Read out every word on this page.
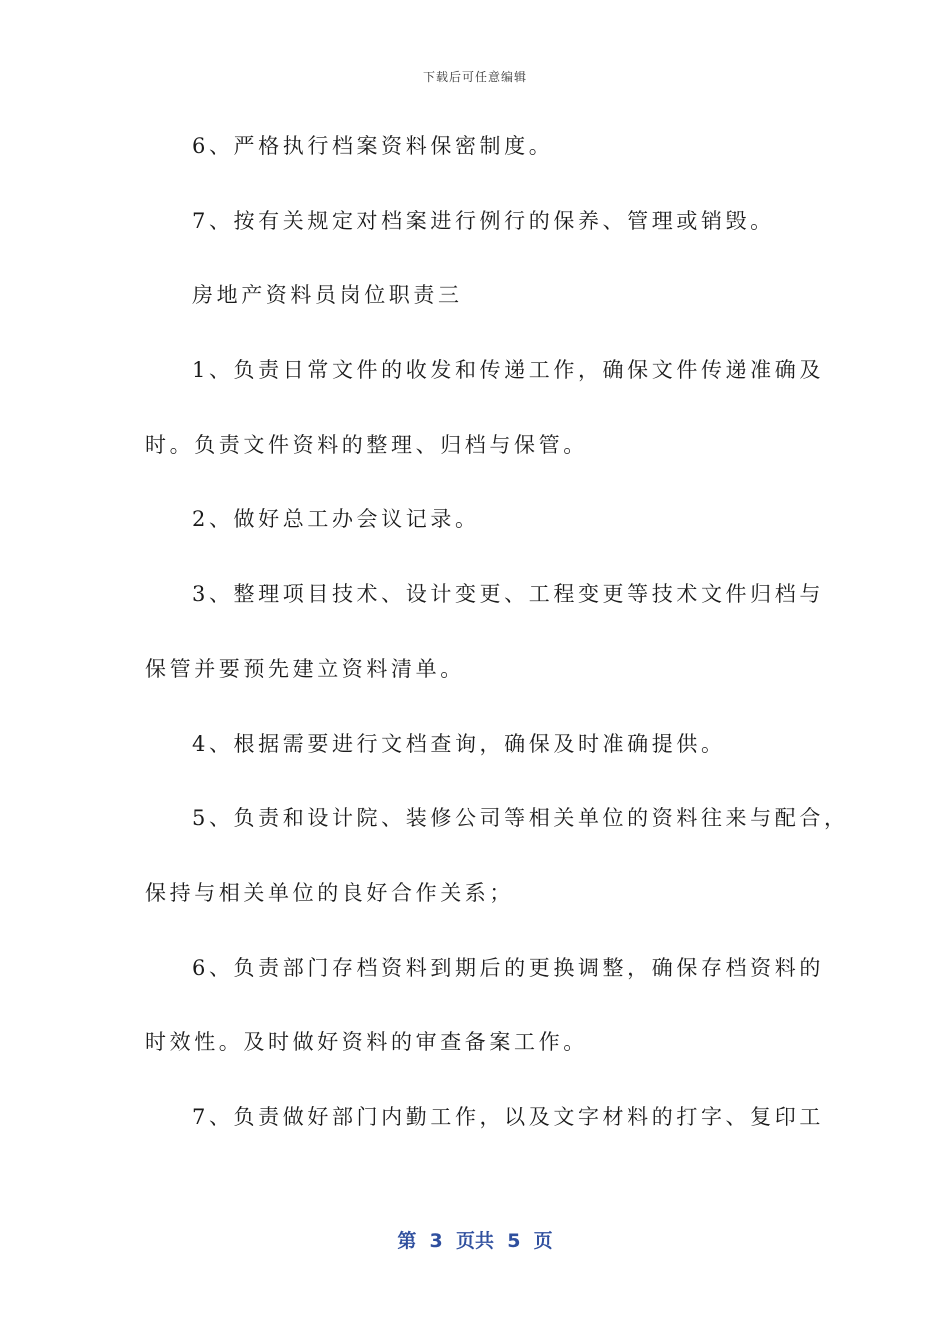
下载后可任意编辑
6、严格执行档案资料保密制度。
7、按有关规定对档案进行例行的保养、管理或销毁。
房地产资料员岗位职责三
1、负责日常文件的收发和传递工作，确保文件传递准确及
时。负责文件资料的整理、归档与保管。
2、做好总工办会议记录。
3、整理项目技术、设计变更、工程变更等技术文件归档与
保管并要预先建立资料清单。
4、根据需要进行文档查询，确保及时准确提供。
5、负责和设计院、装修公司等相关单位的资料往来与配合，
保持与相关单位的良好合作关系；
6、负责部门存档资料到期后的更换调整，确保存档资料的
时效性。及时做好资料的审查备案工作。
7、负责做好部门内勤工作，以及文字材料的打字、复印工
第  3  页共  5  页
